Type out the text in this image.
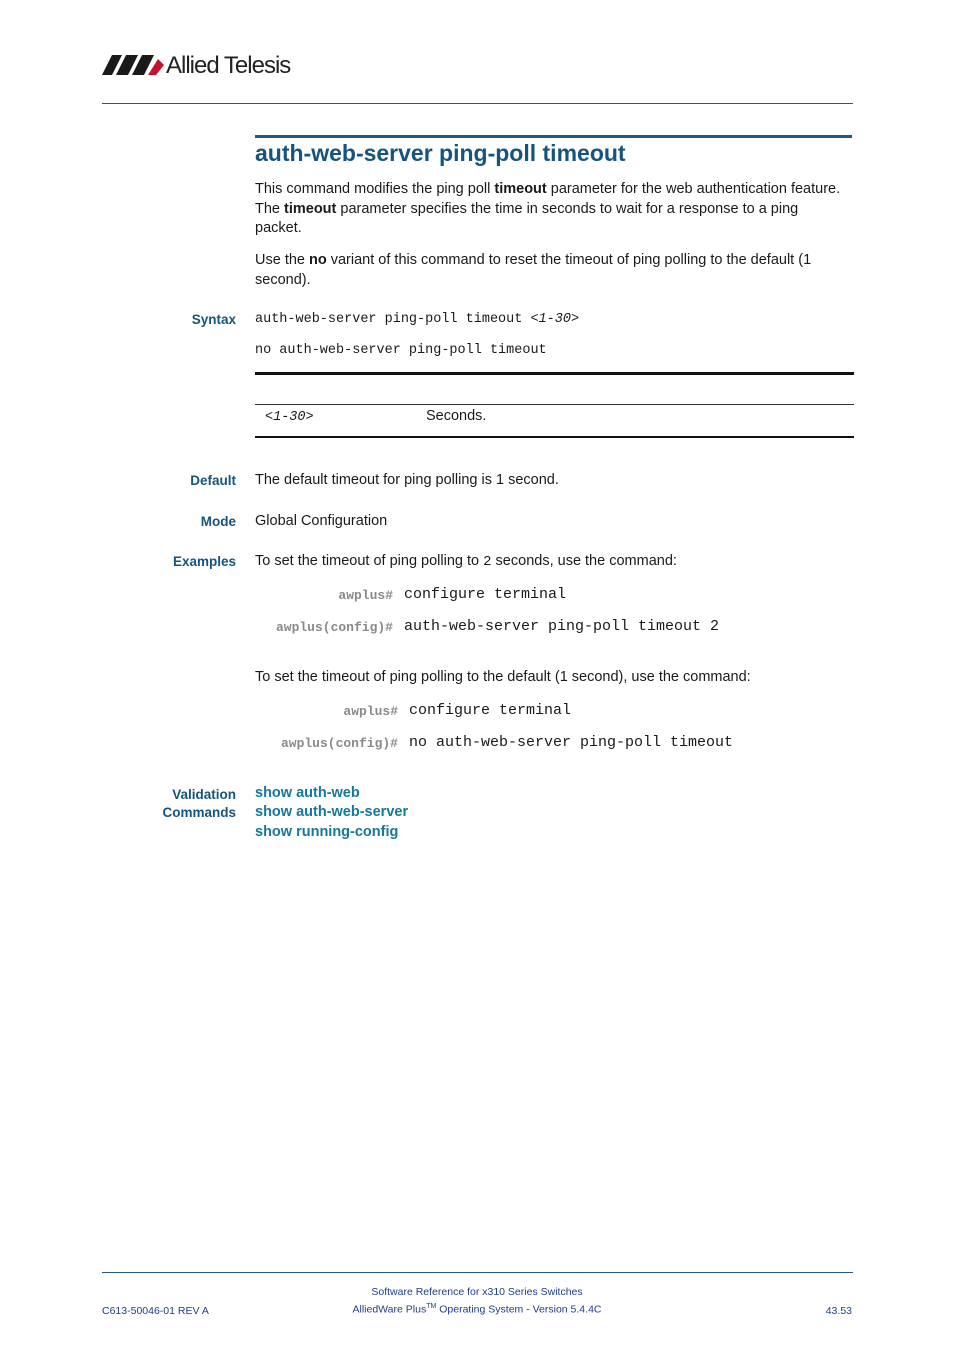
Allied Telesis
auth-web-server ping-poll timeout
This command modifies the ping poll timeout parameter for the web authentication feature. The timeout parameter specifies the time in seconds to wait for a response to a ping packet.
Use the no variant of this command to reset the timeout of ping polling to the default (1 second).
Syntax auth-web-server ping-poll timeout <1-30>
no auth-web-server ping-poll timeout
<1-30>	Seconds.
Default The default timeout for ping polling is 1 second.
Mode Global Configuration
Examples To set the timeout of ping polling to 2 seconds, use the command:
awplus# configure terminal
awplus(config)# auth-web-server ping-poll timeout 2
To set the timeout of ping polling to the default (1 second), use the command:
awplus# configure terminal
awplus(config)# no auth-web-server ping-poll timeout
Validation
Commands
show auth-web
show auth-web-server
show running-config
Software Reference for x310 Series Switches
AlliedWare Plus™ Operating System - Version 5.4.4C
C613-50046-01 REV A	43.53
